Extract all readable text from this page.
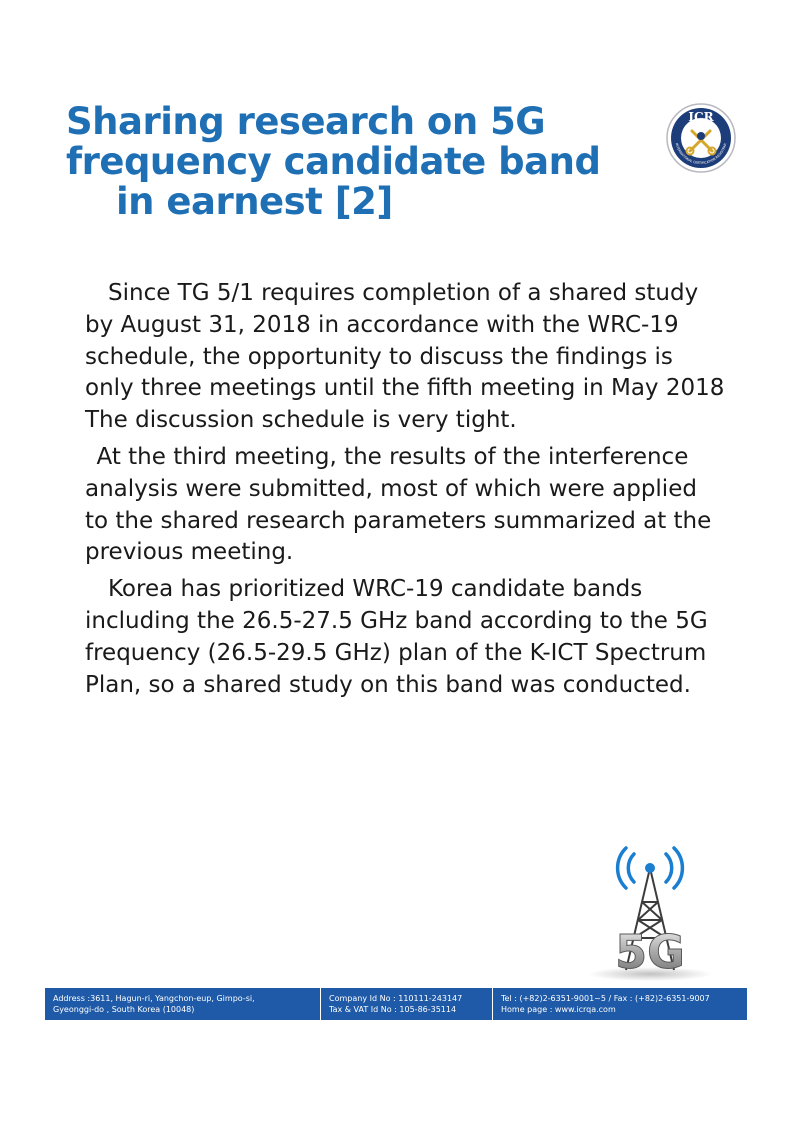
Sharing research on 5G
frequency candidate band
in earnest [2]
ICR
INTERNATIONAL CERTIFICATION REGISTRAR

 Since TG 5/1 requires completion of a shared study by August 31, 2018 in accordance with the WRC-19 schedule, the opportunity to discuss the findings is only three meetings until the fifth meeting in May 2018 The discussion schedule is very tight.

 At the third meeting, the results of the interference analysis were submitted, most of which were applied to the shared research parameters summarized at the previous meeting.

 Korea has prioritized WRC-19 candidate bands including the 26.5-27.5 GHz band according to the 5G frequency (26.5-29.5 GHz) plan of the K-ICT Spectrum Plan, so a shared study on this band was conducted.

5G
Address :3611, Hagun-ri, Yangchon-eup, Gimpo-si,
Gyeonggi-do , South Korea (10048)
Company Id No : 110111-243147
Tax & VAT Id No : 105-86-35114
Tel : (+82)2-6351-9001~5 / Fax : (+82)2-6351-9007
Home page : www.icrqa.com
